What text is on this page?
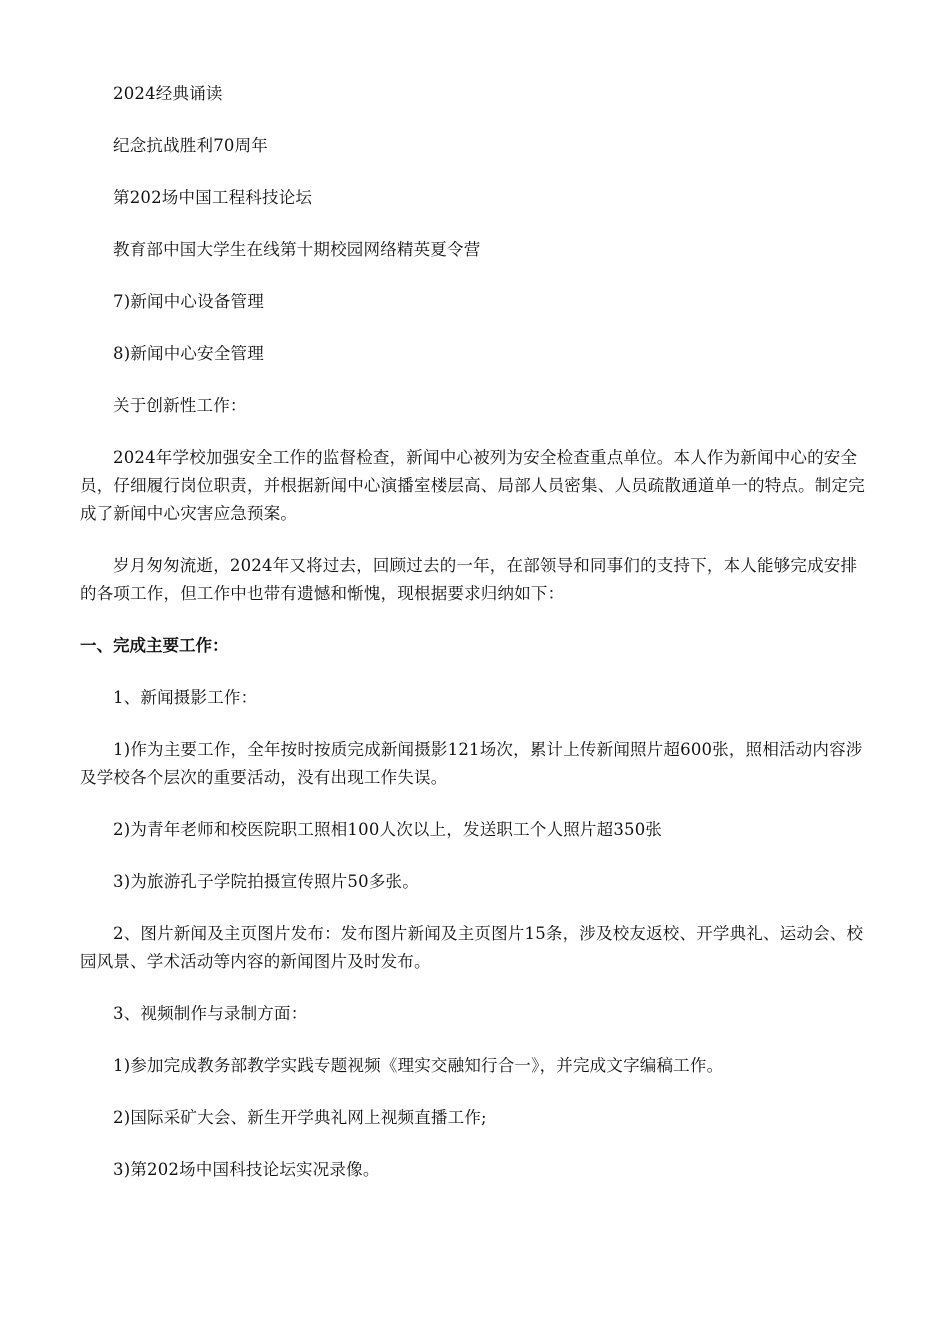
2024经典诵读

纪念抗战胜利70周年

第202场中国工程科技论坛

教育部中国大学生在线第十期校园网络精英夏令营

7)新闻中心设备管理

8)新闻中心安全管理

关于创新性工作：

2024年学校加强安全工作的监督检查，新闻中心被列为安全检查重点单位。本人作为新闻中心的安全员，仔细履行岗位职责，并根据新闻中心演播室楼层高、局部人员密集、人员疏散通道单一的特点。制定完成了新闻中心灾害应急预案。

岁月匆匆流逝，2024年又将过去，回顾过去的一年，在部领导和同事们的支持下，本人能够完成安排的各项工作，但工作中也带有遗憾和惭愧，现根据要求归纳如下：

一、完成主要工作：

1、新闻摄影工作：

1)作为主要工作，全年按时按质完成新闻摄影121场次，累计上传新闻照片超600张，照相活动内容涉及学校各个层次的重要活动，没有出现工作失误。

2)为青年老师和校医院职工照相100人次以上，发送职工个人照片超350张

3)为旅游孔子学院拍摄宣传照片50多张。

2、图片新闻及主页图片发布：发布图片新闻及主页图片15条，涉及校友返校、开学典礼、运动会、校园风景、学术活动等内容的新闻图片及时发布。

3、视频制作与录制方面：

1)参加完成教务部教学实践专题视频《理实交融知行合一》，并完成文字编稿工作。

2)国际采矿大会、新生开学典礼网上视频直播工作;

3)第202场中国科技论坛实况录像。
